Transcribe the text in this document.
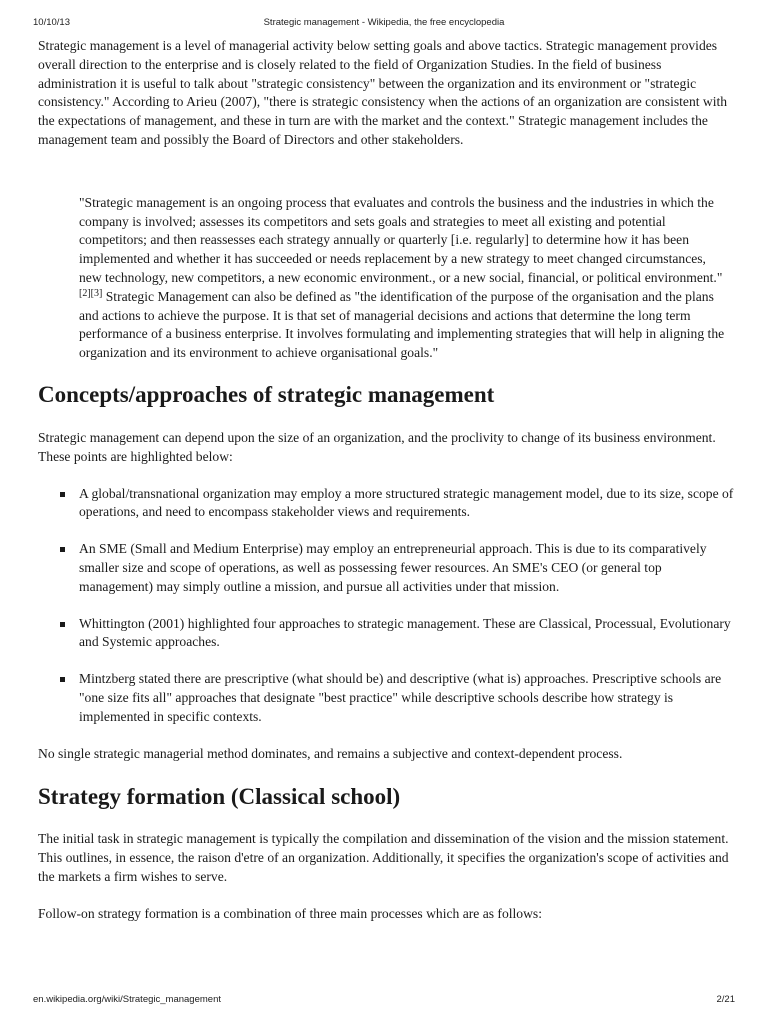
10/10/13	Strategic management - Wikipedia, the free encyclopedia

Strategic management is a level of managerial activity below setting goals and above tactics. Strategic management provides overall direction to the enterprise and is closely related to the field of Organization Studies. In the field of business administration it is useful to talk about "strategic consistency" between the organization and its environment or "strategic consistency." According to Arieu (2007), "there is strategic consistency when the actions of an organization are consistent with the expectations of management, and these in turn are with the market and the context." Strategic management includes the management team and possibly the Board of Directors and other stakeholders.

"Strategic management is an ongoing process that evaluates and controls the business and the industries in which the company is involved; assesses its competitors and sets goals and strategies to meet all existing and potential competitors; and then reassesses each strategy annually or quarterly [i.e. regularly] to determine how it has been implemented and whether it has succeeded or needs replacement by a new strategy to meet changed circumstances, new technology, new competitors, a new economic environment., or a new social, financial, or political environment."
[2][3] Strategic Management can also be defined as "the identification of the purpose of the organisation and the plans and actions to achieve the purpose. It is that set of managerial decisions and actions that determine the long term performance of a business enterprise. It involves formulating and implementing strategies that will help in aligning the organization and its environment to achieve organisational goals."

Concepts/approaches of strategic management

Strategic management can depend upon the size of an organization, and the proclivity to change of its business environment. These points are highlighted below:

A global/transnational organization may employ a more structured strategic management model, due to its size, scope of operations, and need to encompass stakeholder views and requirements.

An SME (Small and Medium Enterprise) may employ an entrepreneurial approach. This is due to its comparatively smaller size and scope of operations, as well as possessing fewer resources. An SME's CEO (or general top management) may simply outline a mission, and pursue all activities under that mission.

Whittington (2001) highlighted four approaches to strategic management. These are Classical, Processual, Evolutionary and Systemic approaches.

Mintzberg stated there are prescriptive (what should be) and descriptive (what is) approaches. Prescriptive schools are "one size fits all" approaches that designate "best practice" while descriptive schools describe how strategy is implemented in specific contexts.

No single strategic managerial method dominates, and remains a subjective and context-dependent process.

Strategy formation (Classical school)

The initial task in strategic management is typically the compilation and dissemination of the vision and the mission statement. This outlines, in essence, the raison d'etre of an organization. Additionally, it specifies the organization's scope of activities and the markets a firm wishes to serve.

Follow-on strategy formation is a combination of three main processes which are as follows:

en.wikipedia.org/wiki/Strategic_management	2/21
